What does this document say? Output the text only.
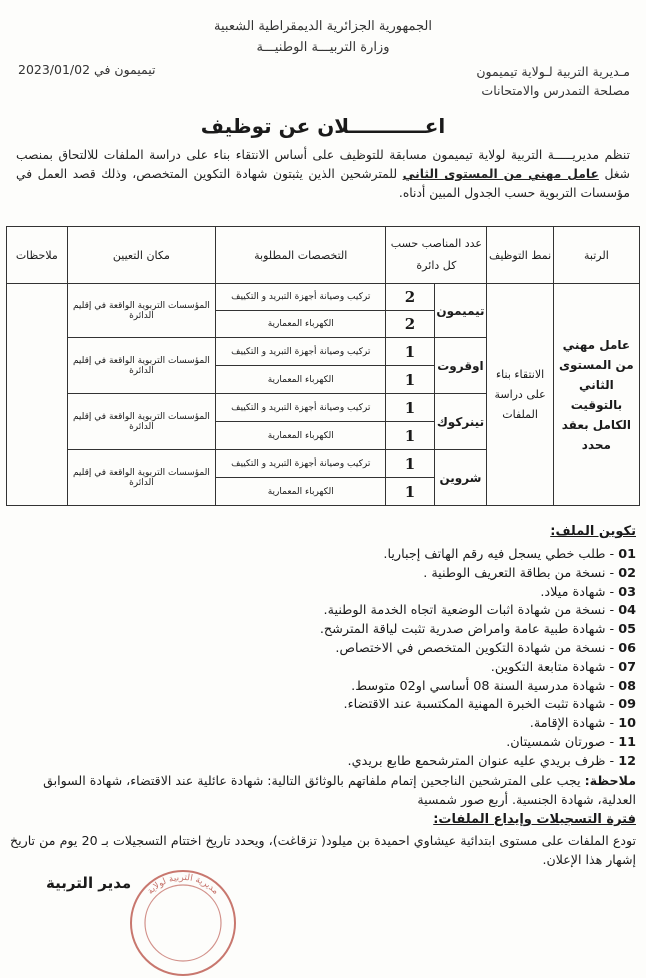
الجمهورية الجزائرية الديمقراطية الشعبية
وزارة التربيـــة الوطنيـــة
مـديرية التربية لـولاية تيميمون
مصلحة التمدرس والامتحانات
تيميمون في 2023/01/02
اعـــــــــــلان عن توظيف
تنظم مديريـــــة التربية لولاية تيميمون مسابقة للتوظيف على أساس الانتقاء بناء على دراسة الملفات للالتحاق بمنصب شغل عامل مهني من المستوى الثاني للمترشحين الذين يثبتون شهادة التكوين المتخصص، وذلك قصد العمل في مؤسسات التربوية حسب الجدول المبين أدناه.
الرتبة	نمط التوظيف	عدد المناصب حسب كل دائرة		التخصصات المطلوبة	مكان التعيين	ملاحظات
عامل مهني من المستوى الثاني بالتوقيت الكامل بعقد محدد	الانتقاء بناء على دراسة الملفات	تيميمون	2	تركيب وصيانة أجهزة التبريد و التكييف	المؤسسات التربوية الواقعة في إقليم الدائرة	
			2	الكهرباء المعمارية		
		اوقروت	1	تركيب وصيانة أجهزة التبريد و التكييف	المؤسسات التربوية الواقعة في إقليم الدائرة	
			1	الكهرباء المعمارية		
		تينركوك	1	تركيب وصيانة أجهزة التبريد و التكييف	المؤسسات التربوية الواقعة في إقليم الدائرة	
			1	الكهرباء المعمارية		
		شروين	1	تركيب وصيانة أجهزة التبريد و التكييف	المؤسسات التربوية الواقعة في إقليم الدائرة	
			1	الكهرباء المعمارية		
تكوين الملف:
01 - طلب خطي يسجل فيه رقم الهاتف إجباريا.
02 - نسخة من بطاقة التعريف الوطنية .
03 - شهادة ميلاد.
04 - نسخة من شهادة اثبات الوضعية اتجاه الخدمة الوطنية.
05 - شهادة طبية عامة وامراض صدرية تثبت لياقة المترشح.
06 - نسخة من شهادة التكوين المتخصص في الاختصاص.
07 - شهادة متابعة التكوين.
08 - شهادة مدرسية السنة 08 أساسي او02 متوسط.
09 - شهادة تثبت الخبرة المهنية المكتسبة عند الاقتضاء.
10 - شهادة الإقامة.
11 - صورتان شمسيتان.
12 - ظرف بريدي عليه عنوان المترشحمع طابع بريدي.
ملاحظة: يجب على المترشحين الناجحين إتمام ملفاتهم بالوثائق التالية: شهادة عائلية عند الاقتضاء، شهادة السوابق العدلية، شهادة الجنسية. أربع صور شمسية
فترة التسجيلات وإيداع الملفات:
تودع الملفات على مستوى ابتدائية عيشاوي احميدة بن ميلود( تزقاغت)، ويحدد تاريخ اختتام التسجيلات بـ 20 يوم من تاريخ إشهار هذا الإعلان.
مدير التربية مديرية التربية لولاية
